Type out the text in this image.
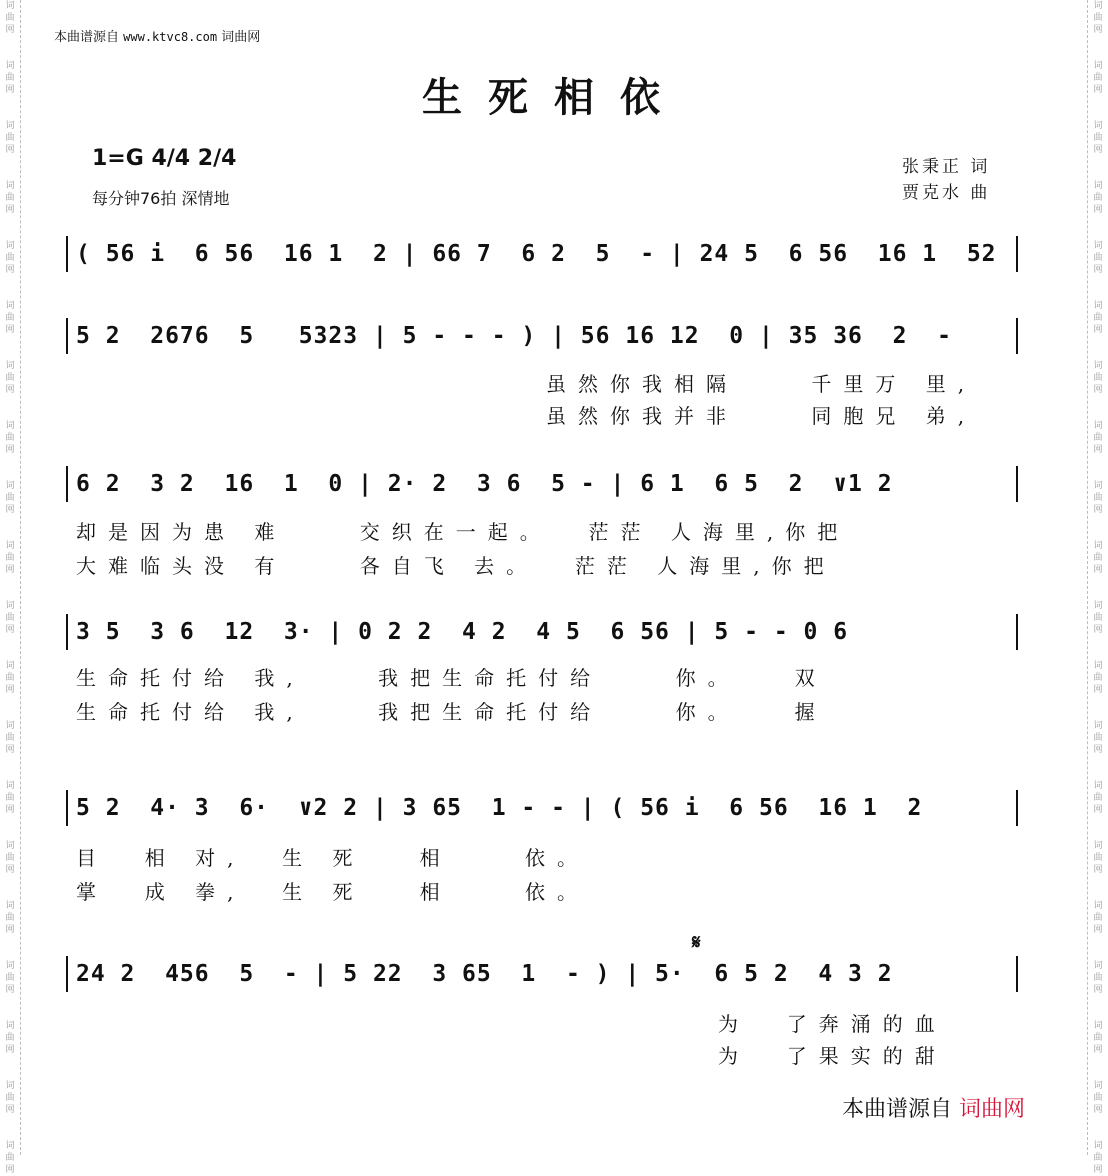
词
曲
网

词
曲
网

词
曲
网

词
曲
网

词
曲
网

词
曲
网

词
曲
网

词
曲
网

词
曲
网

词
曲
网

词
曲
网

词
曲
网

词
曲
网

词
曲
网

词
曲
网

词
曲
网

词
曲
网

词
曲
网

词
曲
网

词
曲
网
词
曲
网

词
曲
网

词
曲
网

词
曲
网

词
曲
网

词
曲
网

词
曲
网

词
曲
网

词
曲
网

词
曲
网

词
曲
网

词
曲
网

词
曲
网

词
曲
网

词
曲
网

词
曲
网

词
曲
网

词
曲
网

词
曲
网

词
曲
网
本曲谱源自 www.ktvc8.com 词曲网
生死相依
1=G 4/4 2/4
每分钟76拍 深情地
张秉正 词
贾克水 曲
( 56 i  6 56  16 1  2 | 66 7  6 2  5  - | 24 5  6 56  16 1  52
5 2  2676  5   5323 | 5 - - - ) | 56 16 12  0 | 35 36  2  -
虽然你我相隔    千里万 里,
虽然你我并非    同胞兄 弟,
6 2  3 2  16  1  0 | 2· 2  3 6  5 - | 6 1  6 5  2  ∨1 2
却是因为患 难    交织在一起。  茫茫 人海里,你把
大难临头没 有    各自飞 去。  茫茫 人海里,你把
3 5  3 6  12  3· | 0 2 2  4 2  4 5  6 56 | 5 - - 0 6
生命托付给 我,    我把生命托付给    你。   双
生命托付给 我,    我把生命托付给    你。   握
5 2  4· 3  6·  ∨2 2 | 3 65  1 - - | ( 56 i  6 56  16 1  2
目  相 对,  生 死   相    依。
掌  成 拳,  生 死   相    依。
𝄋
24 2  456  5  - | 5 22  3 65  1  - ) | 5·  6 5 2  4 3 2
为  了奔涌的血
为  了果实的甜
本曲谱源自 词曲网
